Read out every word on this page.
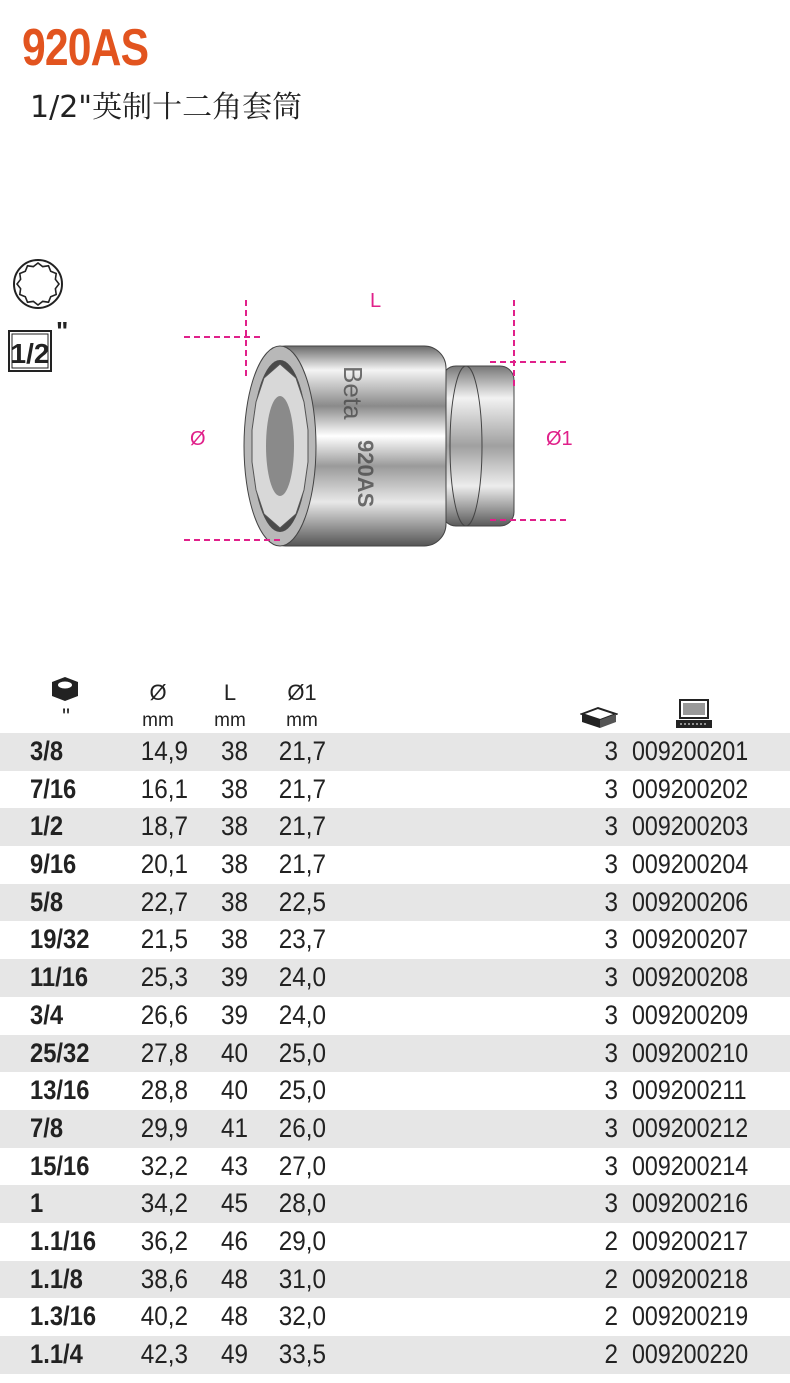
920AS
1/2"英制十二角套筒
1/2
"
Beta
920AS
L
Ø	Ø1
"
Ø
mm
L
mm
Ø1
mm
3/8	14,9 38 21,7	3 009200201
7/16 16,1 38 21,7	3 009200202
1/2	18,7 38 21,7	3 009200203
9/16 20,1 38 21,7	3 009200204
5/8	22,7 38 22,5	3 009200206
19/32 21,5 38 23,7	3 009200207
11/16 25,3 39 24,0	3 009200208
3/4	26,6 39 24,0	3 009200209
25/32 27,8 40 25,0	3 009200210
13/16 28,8 40 25,0	3 009200211
7/8	29,9 41 26,0	3 009200212
15/16 32,2 43 27,0	3 009200214
1	34,2 45 28,0	3 009200216
1.1/16 36,2 46 29,0	2 009200217
1.1/8 38,6 48 31,0	2 009200218
1.3/16 40,2 48 32,0	2 009200219
1.1/4 42,3 49 33,5	2 009200220
